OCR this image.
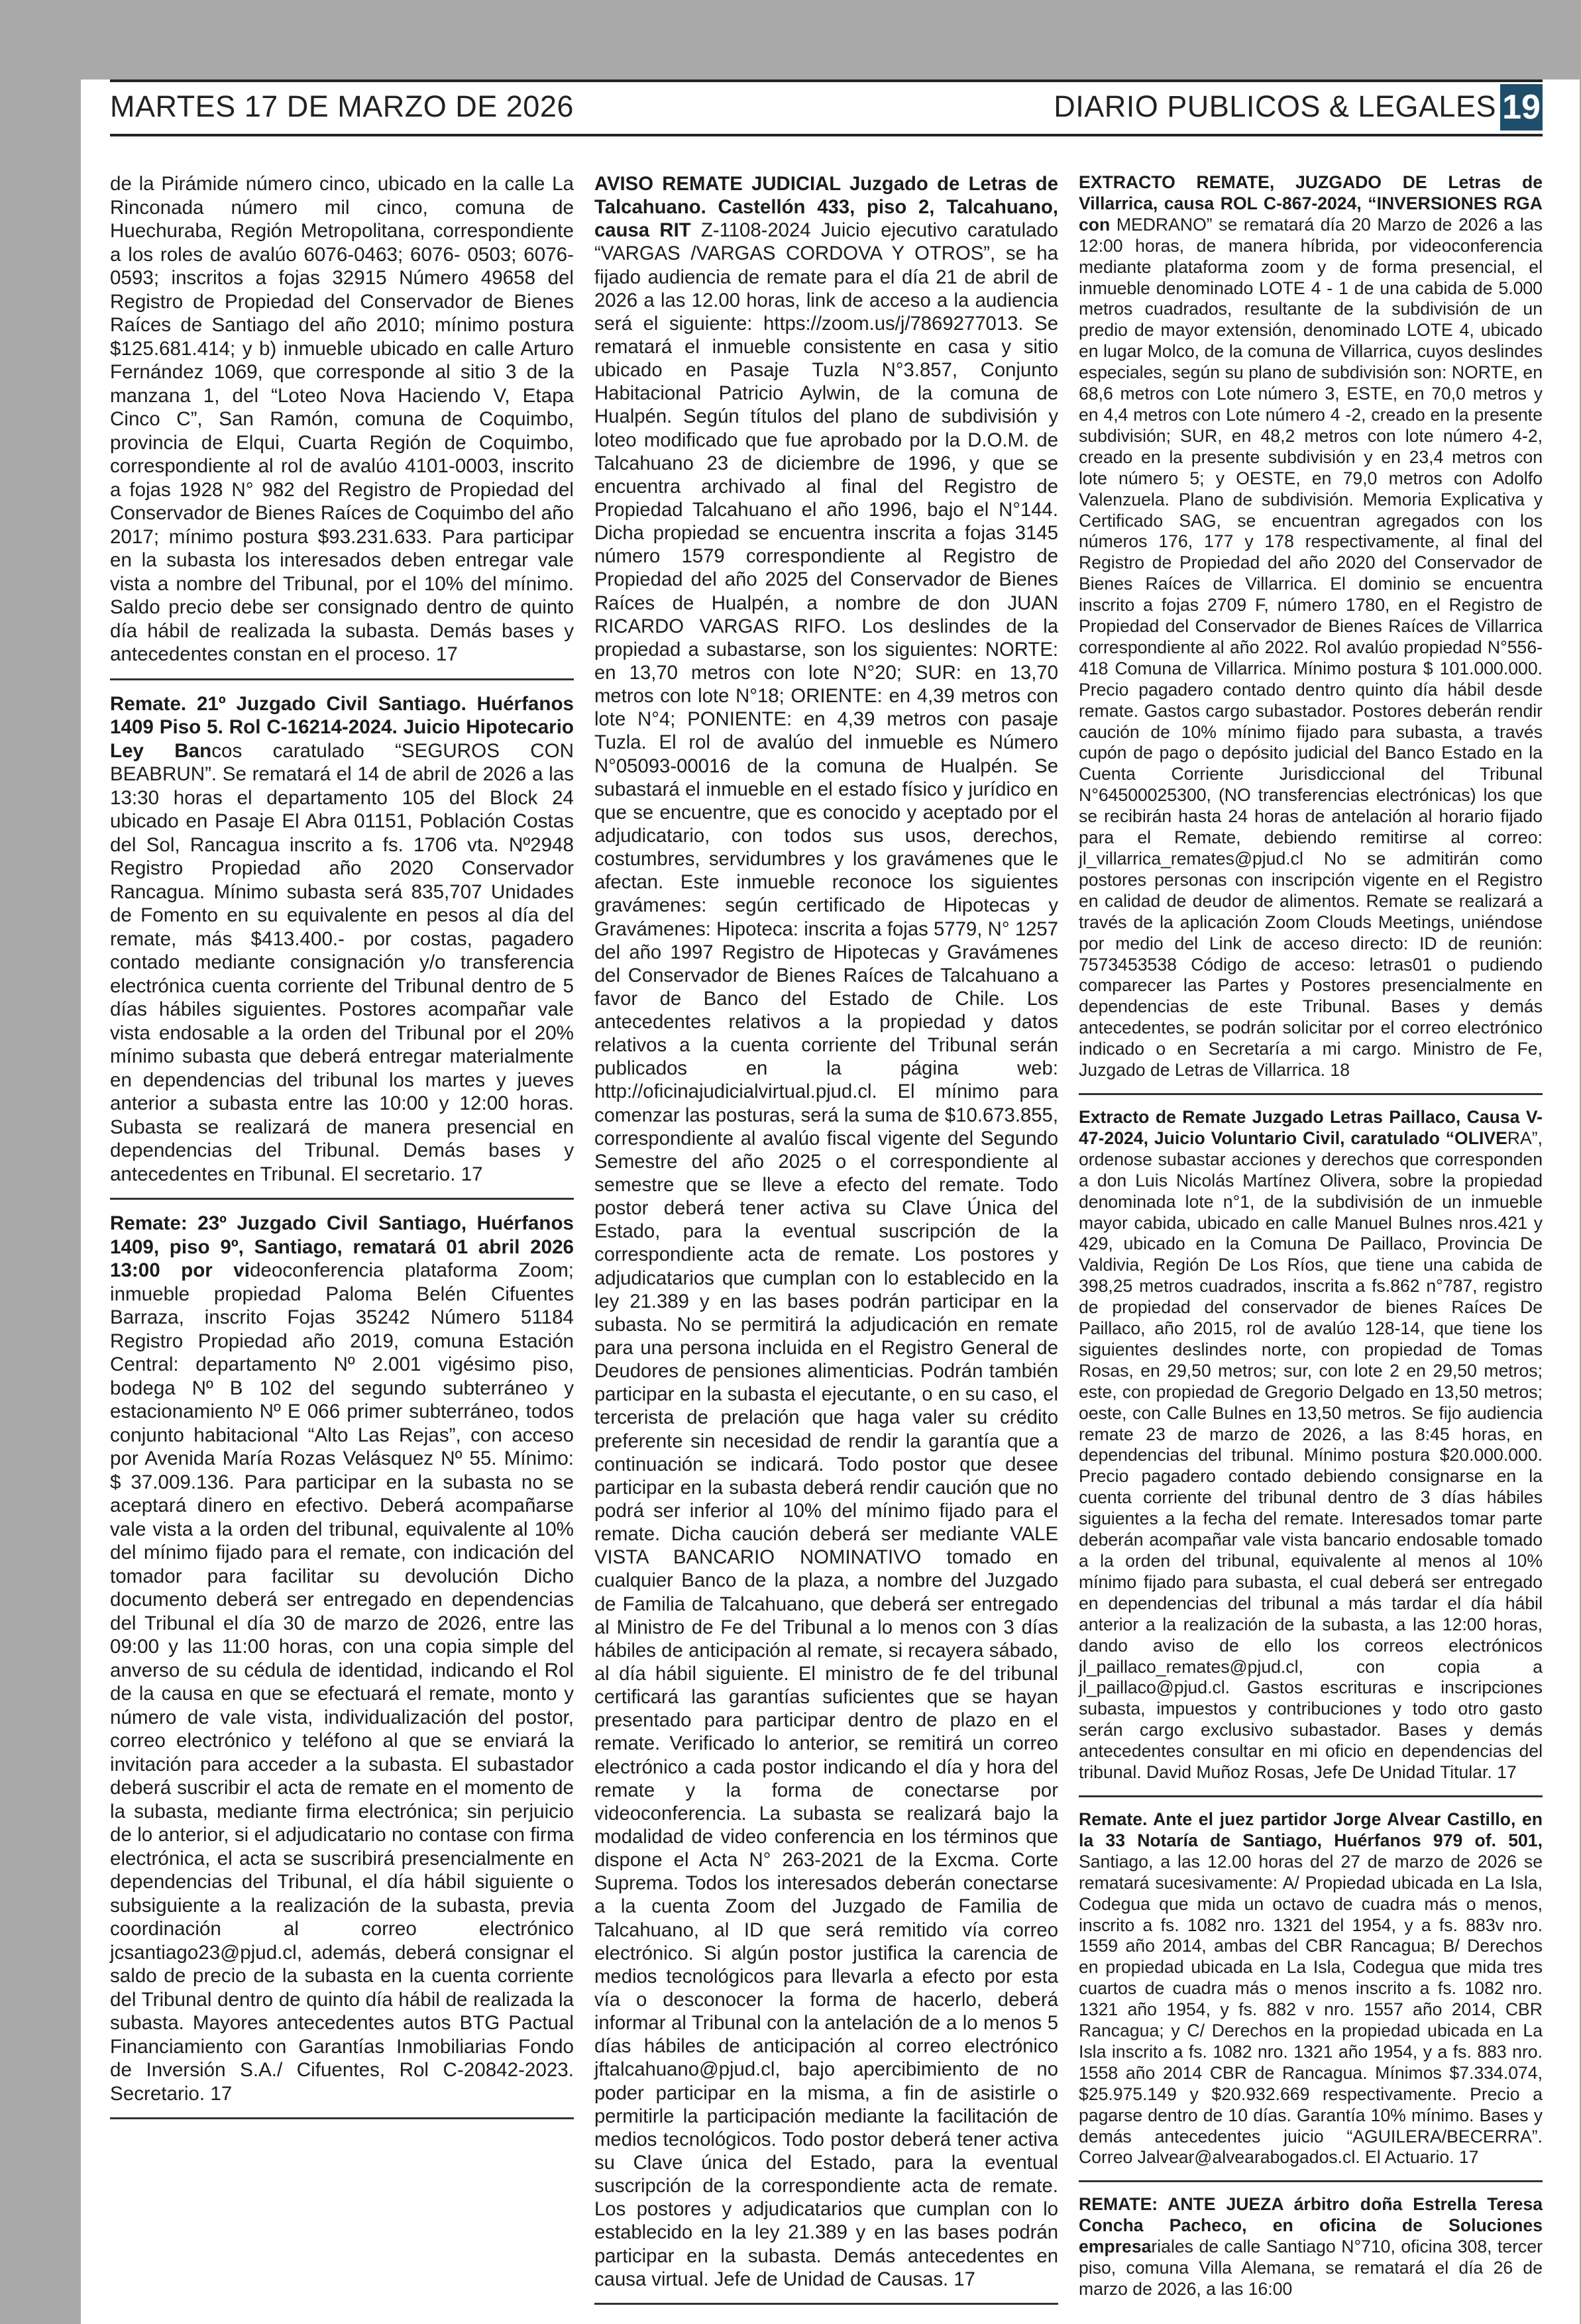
MARTES 17 DE MARZO DE 2026	DIARIO PUBLICOS & LEGALES 19

de la Pirámide número cinco, ubicado en la calle La Rinconada número mil cinco, comuna de Huechuraba, Región Metropolitana, correspondiente a los roles de avalúo 6076-0463; 6076- 0503; 6076-0593; inscritos a fojas 32915 Número 49658 del Registro de Propiedad del Conservador de Bienes Raíces de Santiago del año 2010; mínimo postura $125.681.414; y b) inmueble ubicado en calle Arturo Fernández 1069, que corresponde al sitio 3 de la manzana 1, del “Loteo Nova Haciendo V, Etapa Cinco C”, San Ramón, comuna de Coquimbo, provincia de Elqui, Cuarta Región de Coquimbo, correspondiente al rol de avalúo 4101-0003, inscrito a fojas 1928 N° 982 del Registro de Propiedad del Conservador de Bienes Raíces de Coquimbo del año 2017; mínimo postura $93.231.633. Para participar en la subasta los interesados deben entregar vale vista a nombre del Tribunal, por el 10% del mínimo. Saldo precio debe ser consignado dentro de quinto día hábil de realizada la subasta. Demás bases y antecedentes constan en el proceso. 17

Remate. 21º Juzgado Civil Santiago. Huérfanos 1409 Piso 5. Rol C-16214-2024. Juicio Hipotecario Ley Bancos caratulado “SEGUROS CON BEABRUN”. Se rematará el 14 de abril de 2026 a las 13:30 horas el departamento 105 del Block 24 ubicado en Pasaje El Abra 01151, Población Costas del Sol, Rancagua inscrito a fs. 1706 vta. Nº2948 Registro Propiedad año 2020 Conservador Rancagua. Mínimo subasta será 835,707 Unidades de Fomento en su equivalente en pesos al día del remate, más $413.400.- por costas, pagadero contado mediante consignación y/o transferencia electrónica cuenta corriente del Tribunal dentro de 5 días hábiles siguientes. Postores acompañar vale vista endosable a la orden del Tribunal por el 20% mínimo subasta que deberá entregar materialmente en dependencias del tribunal los martes y jueves anterior a subasta entre las 10:00 y 12:00 horas. Subasta se realizará de manera presencial en dependencias del Tribunal. Demás bases y antecedentes en Tribunal. El secretario. 17

Remate: 23º Juzgado Civil Santiago, Huérfanos 1409, piso 9º, Santiago, rematará 01 abril 2026 13:00 por videoconferencia plataforma Zoom; inmueble propiedad Paloma Belén Cifuentes Barraza, inscrito Fojas 35242 Número 51184 Registro Propiedad año 2019, comuna Estación Central: departamento Nº 2.001 vigésimo piso, bodega Nº B 102 del segundo subterráneo y estacionamiento Nº E 066 primer subterráneo, todos conjunto habitacional “Alto Las Rejas”, con acceso por Avenida María Rozas Velásquez Nº 55. Mínimo: $ 37.009.136. Para participar en la subasta no se aceptará dinero en efectivo. Deberá acompañarse vale vista a la orden del tribunal, equivalente al 10% del mínimo fijado para el remate, con indicación del tomador para facilitar su devolución Dicho documento deberá ser entregado en dependencias del Tribunal el día 30 de marzo de 2026, entre las 09:00 y las 11:00 horas, con una copia simple del anverso de su cédula de identidad, indicando el Rol de la causa en que se efectuará el remate, monto y número de vale vista, individualización del postor, correo electrónico y teléfono al que se enviará la invitación para acceder a la subasta. El subastador deberá suscribir el acta de remate en el momento de la subasta, mediante firma electrónica; sin perjuicio de lo anterior, si el adjudicatario no contase con firma electrónica, el acta se suscribirá presencialmente en dependencias del Tribunal, el día hábil siguiente o subsiguiente a la realización de la subasta, previa coordinación al correo electrónico jcsantiago23@pjud.cl, además, deberá consignar el saldo de precio de la subasta en la cuenta corriente del Tribunal dentro de quinto día hábil de realizada la subasta. Mayores antecedentes autos BTG Pactual Financiamiento con Garantías Inmobiliarias Fondo de Inversión S.A./ Cifuentes, Rol C-20842-2023. Secretario. 17

AVISO REMATE JUDICIAL Juzgado de Letras de Talcahuano. Castellón 433, piso 2, Talcahuano, causa RIT Z-1108-2024 Juicio ejecutivo caratulado “VARGAS /VARGAS CORDOVA Y OTROS”, se ha fijado audiencia de remate para el día 21 de abril de 2026 a las 12.00 horas, link de acceso a la audiencia será el siguiente: https://zoom.us/j/7869277013. Se rematará el inmueble consistente en casa y sitio ubicado en Pasaje Tuzla N°3.857, Conjunto Habitacional Patricio Aylwin, de la comuna de Hualpén. Según títulos del plano de subdivisión y loteo modificado que fue aprobado por la D.O.M. de Talcahuano 23 de diciembre de 1996, y que se encuentra archivado al final del Registro de Propiedad Talcahuano el año 1996, bajo el N°144. Dicha propiedad se encuentra inscrita a fojas 3145 número 1579 correspondiente al Registro de Propiedad del año 2025 del Conservador de Bienes Raíces de Hualpén, a nombre de don JUAN RICARDO VARGAS RIFO. Los deslindes de la propiedad a subastarse, son los siguientes: NORTE: en 13,70 metros con lote N°20; SUR: en 13,70 metros con lote N°18; ORIENTE: en 4,39 metros con lote N°4; PONIENTE: en 4,39 metros con pasaje Tuzla. El rol de avalúo del inmueble es Número N°05093-00016 de la comuna de Hualpén. Se subastará el inmueble en el estado físico y jurídico en que se encuentre, que es conocido y aceptado por el adjudicatario, con todos sus usos, derechos, costumbres, servidumbres y los gravámenes que le afectan. Este inmueble reconoce los siguientes gravámenes: según certificado de Hipotecas y Gravámenes: Hipoteca: inscrita a fojas 5779, N° 1257 del año 1997 Registro de Hipotecas y Gravámenes del Conservador de Bienes Raíces de Talcahuano a favor de Banco del Estado de Chile. Los antecedentes relativos a la propiedad y datos relativos a la cuenta corriente del Tribunal serán publicados en la página web: http://oficinajudicialvirtual.pjud.cl. El mínimo para comenzar las posturas, será la suma de $10.673.855, correspondiente al avalúo fiscal vigente del Segundo Semestre del año 2025 o el correspondiente al semestre que se lleve a efecto del remate. Todo postor deberá tener activa su Clave Única del Estado, para la eventual suscripción de la correspondiente acta de remate. Los postores y adjudicatarios que cumplan con lo establecido en la ley 21.389 y en las bases podrán participar en la subasta. No se permitirá la adjudicación en remate para una persona incluida en el Registro General de Deudores de pensiones alimenticias. Podrán también participar en la subasta el ejecutante, o en su caso, el tercerista de prelación que haga valer su crédito preferente sin necesidad de rendir la garantía que a continuación se indicará. Todo postor que desee participar en la subasta deberá rendir caución que no podrá ser inferior al 10% del mínimo fijado para el remate. Dicha caución deberá ser mediante VALE VISTA BANCARIO NOMINATIVO tomado en cualquier Banco de la plaza, a nombre del Juzgado de Familia de Talcahuano, que deberá ser entregado al Ministro de Fe del Tribunal a lo menos con 3 días hábiles de anticipación al remate, si recayera sábado, al día hábil siguiente. El ministro de fe del tribunal certificará las garantías suficientes que se hayan presentado para participar dentro de plazo en el remate. Verificado lo anterior, se remitirá un correo electrónico a cada postor indicando el día y hora del remate y la forma de conectarse por videoconferencia. La subasta se realizará bajo la modalidad de video conferencia en los términos que dispone el Acta N° 263-2021 de la Excma. Corte Suprema. Todos los interesados deberán conectarse a la cuenta Zoom del Juzgado de Familia de Talcahuano, al ID que será remitido vía correo electrónico. Si algún postor justifica la carencia de medios tecnológicos para llevarla a efecto por esta vía o desconocer la forma de hacerlo, deberá informar al Tribunal con la antelación de a lo menos 5 días hábiles de anticipación al correo electrónico jftalcahuano@pjud.cl, bajo apercibimiento de no poder participar en la misma, a fin de asistirle o permitirle la participación mediante la facilitación de medios tecnológicos. Todo postor deberá tener activa su Clave única del Estado, para la eventual suscripción de la correspondiente acta de remate. Los postores y adjudicatarios que cumplan con lo establecido en la ley 21.389 y en las bases podrán participar en la subasta. Demás antecedentes en causa virtual. Jefe de Unidad de Causas. 17

EXTRACTO REMATE, JUZGADO DE Letras de Villarrica, causa ROL C-867-2024, “INVERSIONES RGA con MEDRANO” se rematará día 20 Marzo de 2026 a las 12:00 horas, de manera híbrida, por videoconferencia mediante plataforma zoom y de forma presencial, el inmueble denominado LOTE 4 - 1 de una cabida de 5.000 metros cuadrados, resultante de la subdivisión de un predio de mayor extensión, denominado LOTE 4, ubicado en lugar Molco, de la comuna de Villarrica, cuyos deslindes especiales, según su plano de subdivisión son: NORTE, en 68,6 metros con Lote número 3, ESTE, en 70,0 metros y en 4,4 metros con Lote número 4 -2, creado en la presente subdivisión; SUR, en 48,2 metros con lote número 4-2, creado en la presente subdivisión y en 23,4 metros con lote número 5; y OESTE, en 79,0 metros con Adolfo Valenzuela. Plano de subdivisión. Memoria Explicativa y Certificado SAG, se encuentran agregados con los números 176, 177 y 178 respectivamente, al final del Registro de Propiedad del año 2020 del Conservador de Bienes Raíces de Villarrica. El dominio se encuentra inscrito a fojas 2709 F, número 1780, en el Registro de Propiedad del Conservador de Bienes Raíces de Villarrica correspondiente al año 2022. Rol avalúo propiedad N°556-418 Comuna de Villarrica. Mínimo postura $ 101.000.000. Precio pagadero contado dentro quinto día hábil desde remate. Gastos cargo subastador. Postores deberán rendir caución de 10% mínimo fijado para subasta, a través cupón de pago o depósito judicial del Banco Estado en la Cuenta Corriente Jurisdiccional del Tribunal N°64500025300, (NO transferencias electrónicas) los que se recibirán hasta 24 horas de antelación al horario fijado para el Remate, debiendo remitirse al correo: jl_villarrica_remates@pjud.cl No se admitirán como postores personas con inscripción vigente en el Registro en calidad de deudor de alimentos. Remate se realizará a través de la aplicación Zoom Clouds Meetings, uniéndose por medio del Link de acceso directo: ID de reunión: 7573453538 Código de acceso: letras01 o pudiendo comparecer las Partes y Postores presencialmente en dependencias de este Tribunal. Bases y demás antecedentes, se podrán solicitar por el correo electrónico indicado o en Secretaría a mi cargo. Ministro de Fe, Juzgado de Letras de Villarrica. 18

Extracto de Remate Juzgado Letras Paillaco, Causa V-47-2024, Juicio Voluntario Civil, caratulado “OLIVERA”, ordenose subastar acciones y derechos que corresponden a don Luis Nicolás Martínez Olivera, sobre la propiedad denominada lote n°1, de la subdivisión de un inmueble mayor cabida, ubicado en calle Manuel Bulnes nros.421 y 429, ubicado en la Comuna De Paillaco, Provincia De Valdivia, Región De Los Ríos, que tiene una cabida de 398,25 metros cuadrados, inscrita a fs.862 n°787, registro de propiedad del conservador de bienes Raíces De Paillaco, año 2015, rol de avalúo 128-14, que tiene los siguientes deslindes norte, con propiedad de Tomas Rosas, en 29,50 metros; sur, con lote 2 en 29,50 metros; este, con propiedad de Gregorio Delgado en 13,50 metros; oeste, con Calle Bulnes en 13,50 metros. Se fijo audiencia remate 23 de marzo de 2026, a las 8:45 horas, en dependencias del tribunal. Mínimo postura $20.000.000. Precio pagadero contado debiendo consignarse en la cuenta corriente del tribunal dentro de 3 días hábiles siguientes a la fecha del remate. Interesados tomar parte deberán acompañar vale vista bancario endosable tomado a la orden del tribunal, equivalente al menos al 10% mínimo fijado para subasta, el cual deberá ser entregado en dependencias del tribunal a más tardar el día hábil anterior a la realización de la subasta, a las 12:00 horas, dando aviso de ello los correos electrónicos jl_paillaco_remates@pjud.cl, con copia a jl_paillaco@pjud.cl. Gastos escrituras e inscripciones subasta, impuestos y contribuciones y todo otro gasto serán cargo exclusivo subastador. Bases y demás antecedentes consultar en mi oficio en dependencias del tribunal. David Muñoz Rosas, Jefe De Unidad Titular. 17

Remate. Ante el juez partidor Jorge Alvear Castillo, en la 33 Notaría de Santiago, Huérfanos 979 of. 501, Santiago, a las 12.00 horas del 27 de marzo de 2026 se rematará sucesivamente: A/ Propiedad ubicada en La Isla, Codegua que mida un octavo de cuadra más o menos, inscrito a fs. 1082 nro. 1321 del 1954, y a fs. 883v nro. 1559 año 2014, ambas del CBR Rancagua; B/ Derechos en propiedad ubicada en La Isla, Codegua que mida tres cuartos de cuadra más o menos inscrito a fs. 1082 nro. 1321 año 1954, y fs. 882 v nro. 1557 año 2014, CBR Rancagua; y C/ Derechos en la propiedad ubicada en La Isla inscrito a fs. 1082 nro. 1321 año 1954, y a fs. 883 nro. 1558 año 2014 CBR de Rancagua. Mínimos $7.334.074, $25.975.149 y $20.932.669 respectivamente. Precio a pagarse dentro de 10 días. Garantía 10% mínimo. Bases y demás antecedentes juicio “AGUILERA/BECERRA”. Correo Jalvear@alvearabogados.cl. El Actuario. 17

REMATE: ANTE JUEZA árbitro doña Estrella Teresa Concha Pacheco, en oficina de Soluciones empresariales de calle Santiago N°710, oficina 308, tercer piso, comuna Villa Alemana, se rematará el día 26 de marzo de 2026, a las 16:00
